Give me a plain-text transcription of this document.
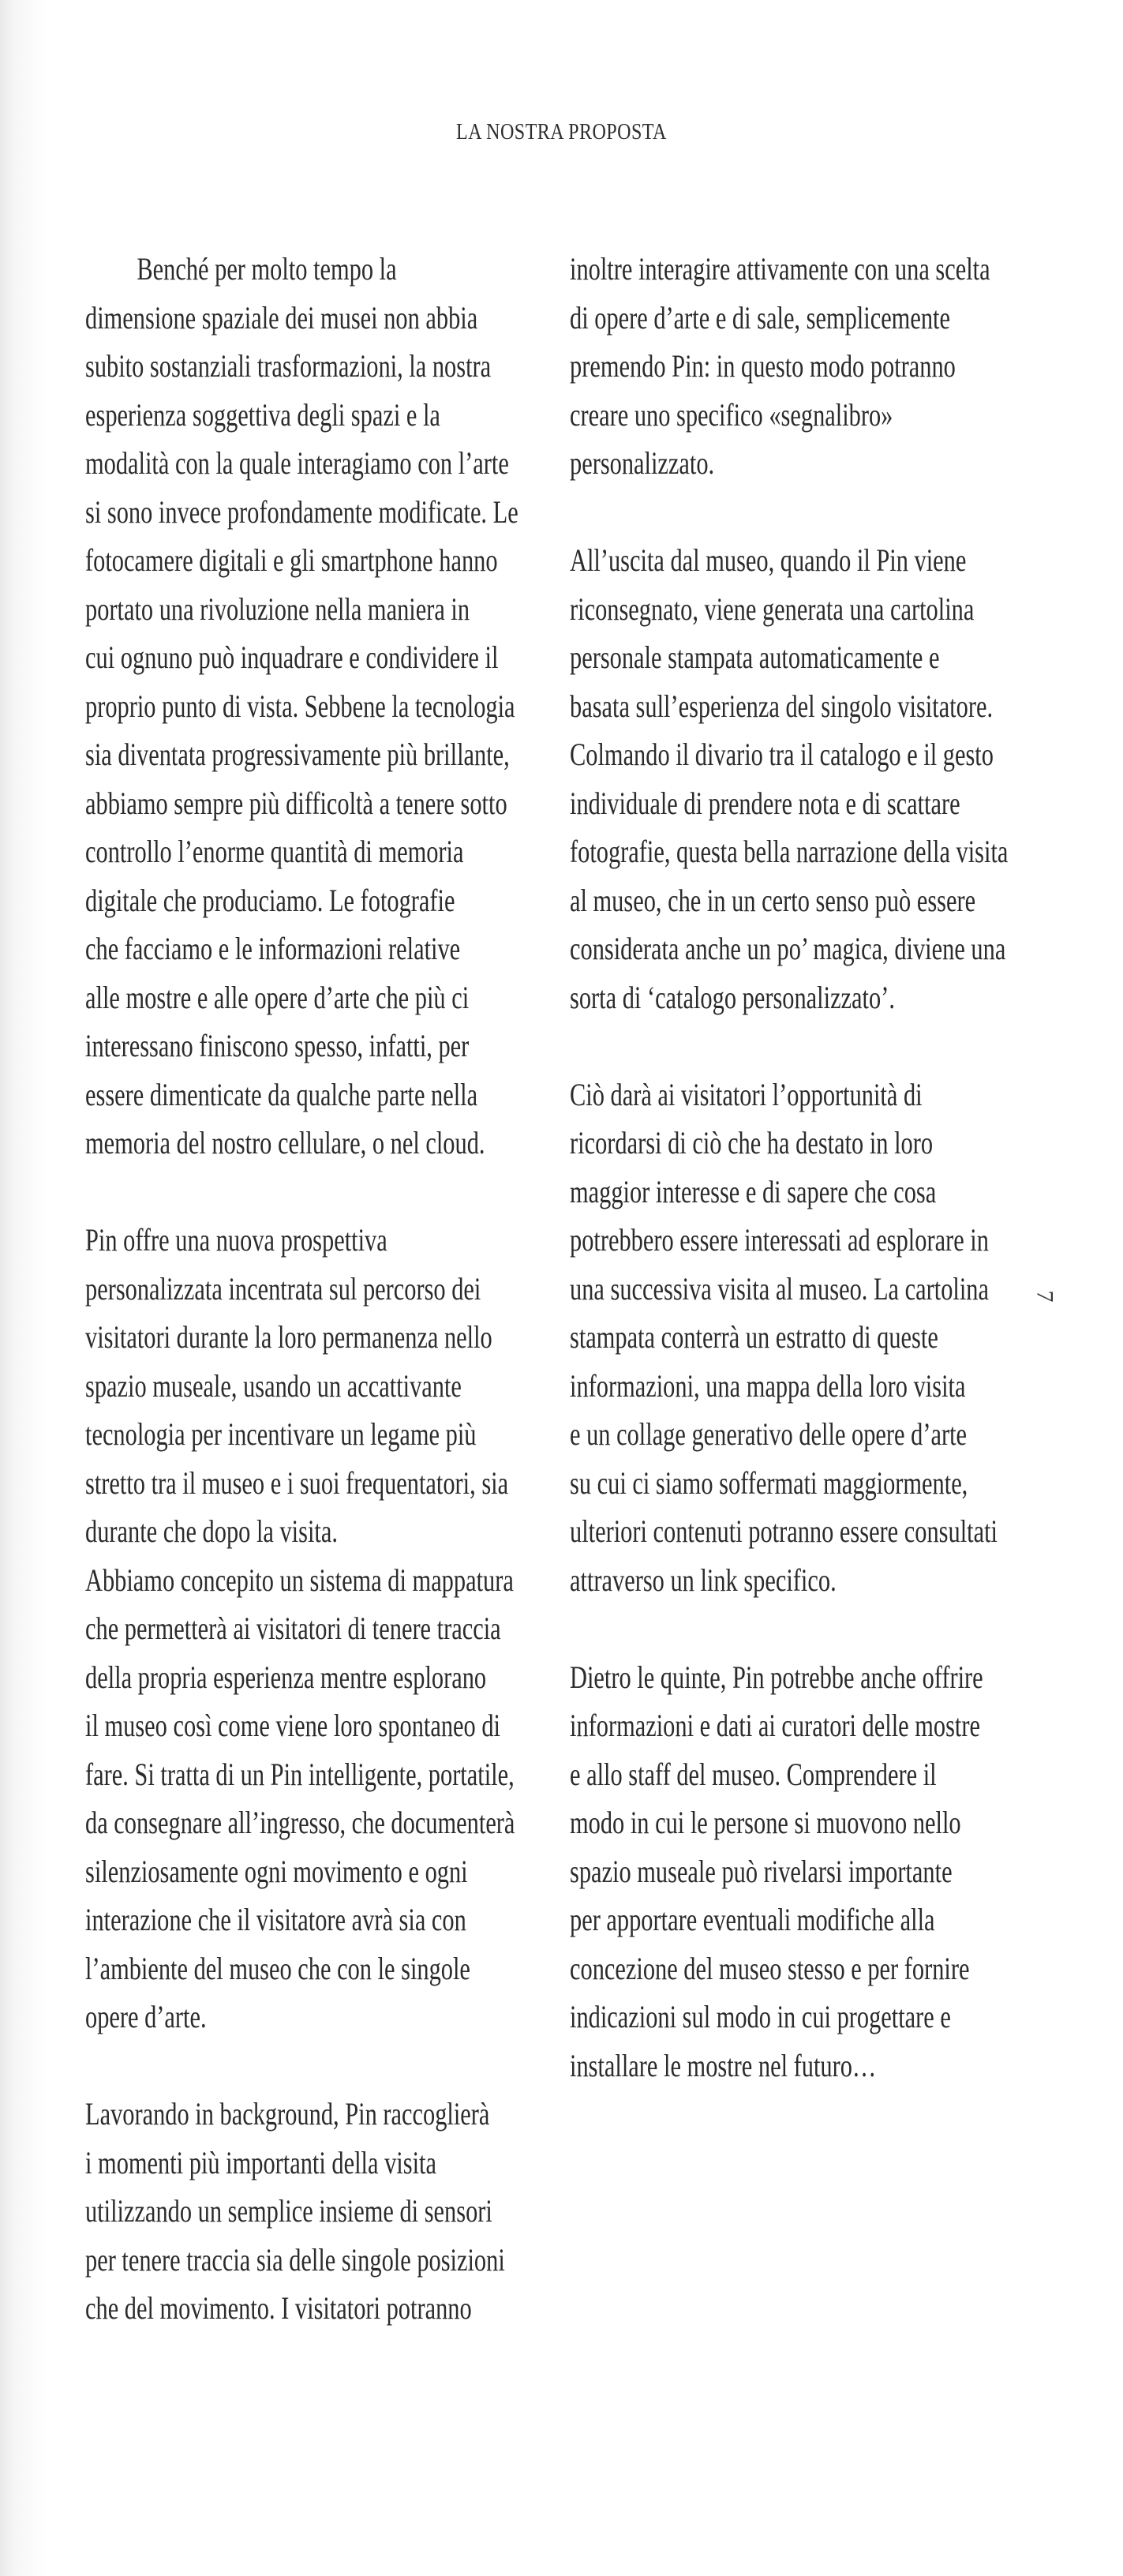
LA NOSTRA PROPOSTA
Benché per molto tempo la
dimensione spaziale dei musei non abbia
subito sostanziali trasformazioni, la nostra
esperienza soggettiva degli spazi e la
modalità con la quale interagiamo con l’arte
si sono invece profondamente modificate. Le
fotocamere digitali e gli smartphone hanno
portato una rivoluzione nella maniera in
cui ognuno può inquadrare e condividere il
proprio punto di vista. Sebbene la tecnologia
sia diventata progressivamente più brillante,
abbiamo sempre più difficoltà a tenere sotto
controllo l’enorme quantità di memoria
digitale che produciamo. Le fotografie
che facciamo e le informazioni relative
alle mostre e alle opere d’arte che più ci
interessano finiscono spesso, infatti, per
essere dimenticate da qualche parte nella
memoria del nostro cellulare, o nel cloud.
Pin offre una nuova prospettiva
personalizzata incentrata sul percorso dei
visitatori durante la loro permanenza nello
spazio museale, usando un accattivante
tecnologia per incentivare un legame più
stretto tra il museo e i suoi frequentatori, sia
durante che dopo la visita.
Abbiamo concepito un sistema di mappatura
che permetterà ai visitatori di tenere traccia
della propria esperienza mentre esplorano
il museo così come viene loro spontaneo di
fare. Si tratta di un Pin intelligente, portatile,
da consegnare all’ingresso, che documenterà
silenziosamente ogni movimento e ogni
interazione che il visitatore avrà sia con
l’ambiente del museo che con le singole
opere d’arte.
Lavorando in background, Pin raccoglierà
i momenti più importanti della visita
utilizzando un semplice insieme di sensori
per tenere traccia sia delle singole posizioni
che del movimento. I visitatori potranno
inoltre interagire attivamente con una scelta
di opere d’arte e di sale, semplicemente
premendo Pin: in questo modo potranno
creare uno specifico «segnalibro»
personalizzato.
All’uscita dal museo, quando il Pin viene
riconsegnato, viene generata una cartolina
personale stampata automaticamente e
basata sull’esperienza del singolo visitatore.
Colmando il divario tra il catalogo e il gesto
individuale di prendere nota e di scattare
fotografie, questa bella narrazione della visita
al museo, che in un certo senso può essere
considerata anche un po’ magica, diviene una
sorta di ‘catalogo personalizzato’.
Ciò darà ai visitatori l’opportunità di
ricordarsi di ciò che ha destato in loro
maggior interesse e di sapere che cosa
potrebbero essere interessati ad esplorare in
una successiva visita al museo. La cartolina
stampata conterrà un estratto di queste
informazioni, una mappa della loro visita
e un collage generativo delle opere d’arte
su cui ci siamo soffermati maggiormente,
ulteriori contenuti potranno essere consultati
attraverso un link specifico.
Dietro le quinte, Pin potrebbe anche offrire
informazioni e dati ai curatori delle mostre
e allo staff del museo. Comprendere il
modo in cui le persone si muovono nello
spazio museale può rivelarsi importante
per apportare eventuali modifiche alla
concezione del museo stesso e per fornire
indicazioni sul modo in cui progettare e
installare le mostre nel futuro…
7
